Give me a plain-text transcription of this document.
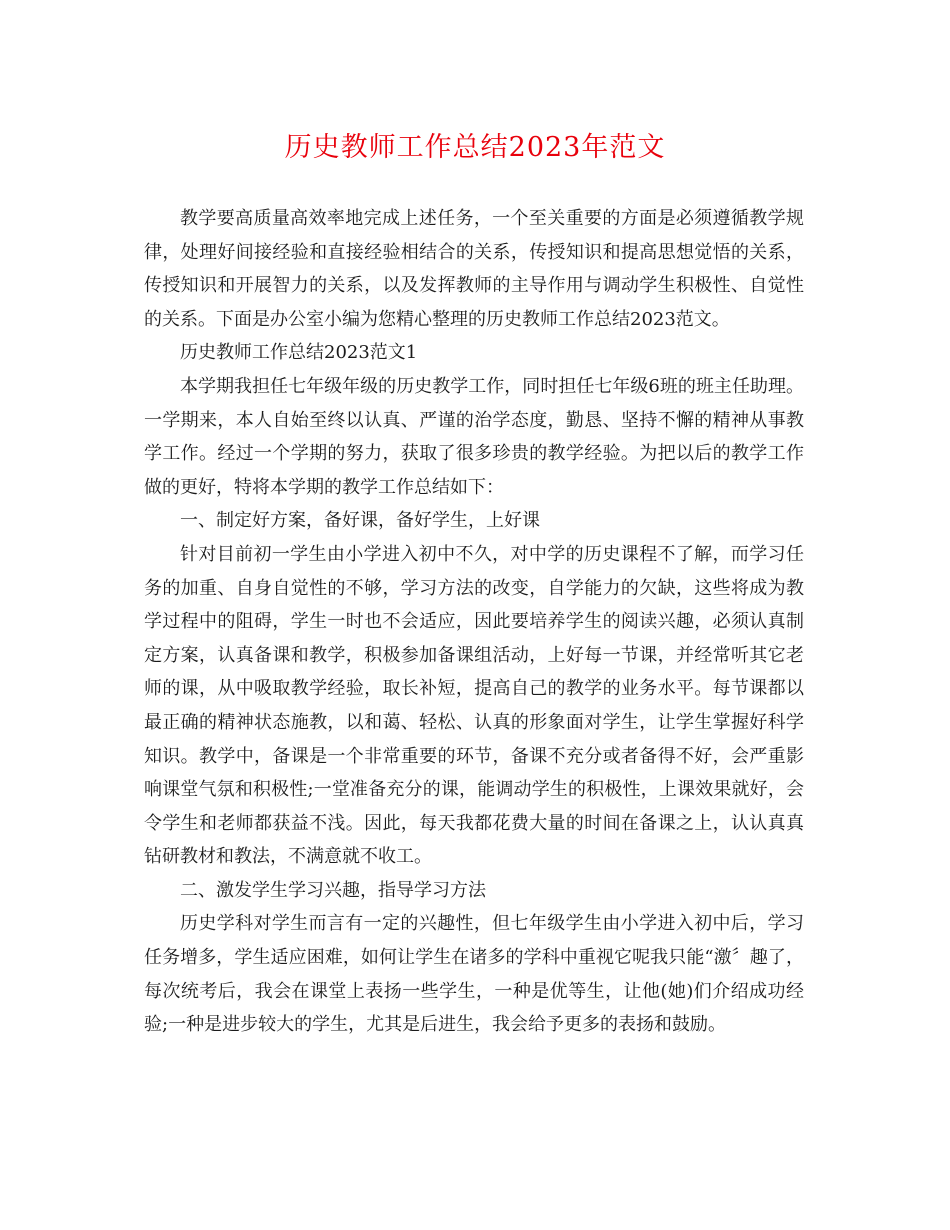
历史教师工作总结2023年范文

教学要高质量高效率地完成上述任务，一个至关重要的方面是必须遵循教学规律，处理好间接经验和直接经验相结合的关系，传授知识和提高思想觉悟的关系，传授知识和开展智力的关系，以及发挥教师的主导作用与调动学生积极性、自觉性的关系。下面是办公室小编为您精心整理的历史教师工作总结2023范文。

历史教师工作总结2023范文1

本学期我担任七年级年级的历史教学工作，同时担任七年级6班的班主任助理。一学期来，本人自始至终以认真、严谨的治学态度，勤恳、坚持不懈的精神从事教学工作。经过一个学期的努力，获取了很多珍贵的教学经验。为把以后的教学工作做的更好，特将本学期的教学工作总结如下：

一、制定好方案，备好课，备好学生，上好课

针对目前初一学生由小学进入初中不久，对中学的历史课程不了解，而学习任务的加重、自身自觉性的不够，学习方法的改变，自学能力的欠缺，这些将成为教学过程中的阻碍，学生一时也不会适应，因此要培养学生的阅读兴趣，必须认真制定方案，认真备课和教学，积极参加备课组活动，上好每一节课，并经常听其它老师的课，从中吸取教学经验，取长补短，提高自己的教学的业务水平。每节课都以最正确的精神状态施教，以和蔼、轻松、认真的形象面对学生，让学生掌握好科学知识。教学中，备课是一个非常重要的环节，备课不充分或者备得不好，会严重影响课堂气氛和积极性;一堂准备充分的课，能调动学生的积极性，上课效果就好，会令学生和老师都获益不浅。因此，每天我都花费大量的时间在备课之上，认认真真钻研教材和教法，不满意就不收工。

二、激发学生学习兴趣，指导学习方法

历史学科对学生而言有一定的兴趣性，但七年级学生由小学进入初中后，学习任务增多，学生适应困难，如何让学生在诸多的学科中重视它呢我只能“激〞趣了，每次统考后，我会在课堂上表扬一些学生，一种是优等生，让他(她)们介绍成功经验;一种是进步较大的学生，尤其是后进生，我会给予更多的表扬和鼓励。
